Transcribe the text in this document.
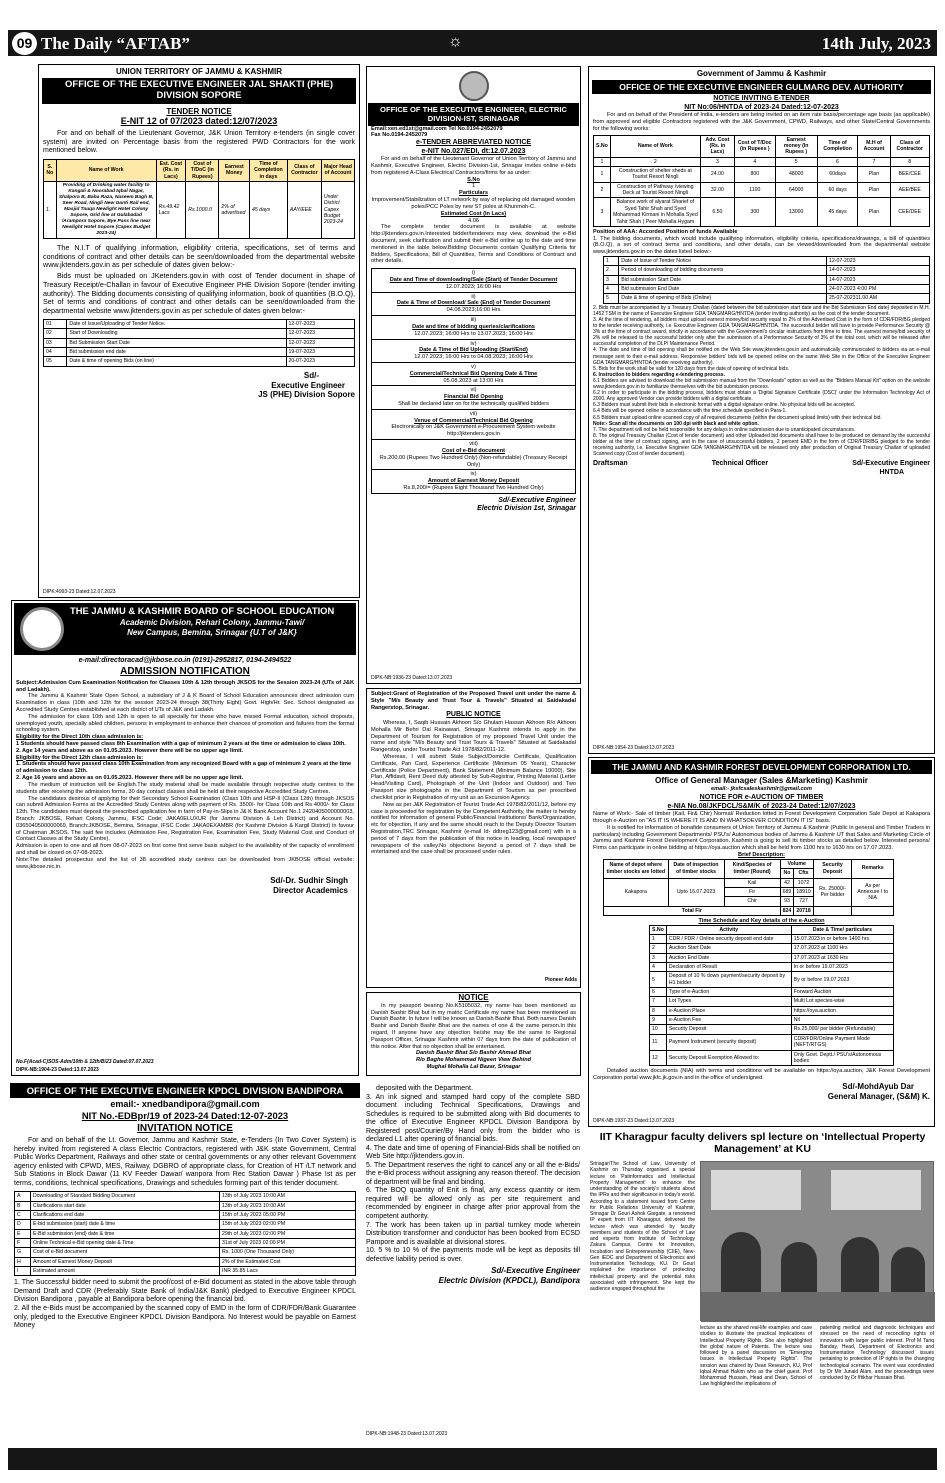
09 The Daily “AFTAB”	☼	14th July, 2023
UNION TERRITORY OF JAMMU & KASHMIR
OFFICE OF THE EXECUTIVE ENGINEER JAL SHAKTI (PHE) DIVISION SOPORE
TENDER NOTICE
E-NIT 12 of 07/2023 dated:12/07/2023
For and on behalf of the Lieutenant Governor, J&K Union Territory e-tenders (in single cover system) are invited on Percentage basis from the registered PWD Contractors for the work mentioned below.
S. No	Name of Work	Est. Cost (Rs. in Lacs)	Cost of T/DoC (in Rupees)	Earnest Money	Time of Completion in days	Class of Contractor	Major Head of Account
1.	Providing of Drinking water facility to Kangali & Noorabad Iqbal Nagar, Shalpora B, Baba Raza, Naseem Bagh B, Seer Road, Ningli New Ganti Rail end, Masjid Tauqa Newlight Hotel Colony Sopore, Grid line at Gulabadad /Arampora Sopore, Bye Pass line near Newlight Hotel Sopore (Capex Budget 2023-24)	Rs.49.42 Lacs	Rs.1000.0	2% of advertised	45 days	AAY/EEE	Under District Capex Budget 2023-24
The N.I.T of qualifying information, eligibility criteria, specifications, set of terms and conditions of contract and other details can be seen/downloaded from the departmental website www.jktenders.gov.in as per schedule of dates given below:-
Bids must be uploaded on JKetenders.gov.in with cost of Tender document in shape of Treasury Receipt/e-Challan in favour of Executive Engineer PHE Division Sopore (tender inviting authority). The Bidding documents consisting of qualifying information, book of quantities (B.O.Q), Set of terms and conditions of contract and other details can be seen/downloaded from the departmental website www.jktenders.gov.in as per schedule of dates given below:-
01	Date of Issue/Uploading of Tender Notice.	12-07-2023
02	Start of Downloading	12-07-2023
03	Bid Submission Start Date	12-07-2023
04	Bid submission end date	19-07-2023
05	Date & time of opening Bids (on line)	20-07-2023
Sd/-
Executive Engineer
JS (PHE) Division Sopore
DIPK:4993-23 Dated:12.07.2023
THE JAMMU & KASHMIR BOARD OF SCHOOL EDUCATION
Academic Division, Rehari Colony, Jammu-Tawi/
New Campus, Bemina, Srinagar {U.T of J&K}
e-mail:directoracad@jkbose.co.in (0191)-2952817, 0194-2494522
ADMISSION NOTIFICATION
Subject:Admission Cum Examination Notification for Classes 10th & 12th through JKSOS for the Session 2023-24 (UTs of J&K and Ladakh).
The Jammu & Kashmir State Open School, a subsidiary of J & K Board of School Education announces direct admission cum Examination in class (10th and 12th for the session 2023-24 through 38(Thirty Eight) Govt. High/Hr. Sec. School designated as Accredited Study Centres established at each district of UTs of J&K and Ladakh.
The admission for class 10th and 12th is open to all specially for those who have missed Formal education, school dropouts, unemployed youth, specially abled children, persons in employment to enhance their chances of promotion and failures from the formal schooling system.
Eligibility for the Direct 10th class admission is:
1 Students should have passed class 8th Examination with a gap of minimum 2 years at the time or admission to class 10th.
2. Age 14 years and above as on 01.05.2023. However there will be no upper age limit.
Eligibility for the Direct 12th class admission is:
1. Students should have passed class 10th Examination from any recognized Board with a gap of minimum 2 years at the time of admission to class 12th.
2. Age 16 years and above as on 01.05.2023. However there will be no upper age limit.
The medium of instruction will be English.The study material shall be made available through respective study centres to the students after receiving the admission forms, 30 day contact classes shall be held at their respective Accredited Study Centres.
The candidates desirous of applying for their Secondary School Examination (Class 10th and HSP-II (Class 12th) through JKSOS can submit Admission Forms at the Accredited Study Centres along with payment of Rs. 3500/- for Class 10th and Rs 4000/- for Class 12th. The candidates must deposit the prescribed application fee in farm of Pay-in-Slips in J& K Bank Account No.1 2420405000000003, Branch: JKBOSE, Rehari Colony, Jammu, IFSC Code; JAKA0ELUXUR (for Jammu Division & Leh District) and Account No. 0365040500000069, Branch:JKBOSE, Bemina, Srinagar, IFSC Code: JAKA0EXAMBR (for Kashmir Division & Kargil District) in favour of Chairman JKSOS. The said fee includes (Admission Fee, Registration Fee, Examination Fee, Study Material Cost and Conduct of Contact Classes at the Study Centre).
Admission is open to one and all from 08-07-2023 on first come first serve basis subject to the availability of the capacity of enrollment and shall be closed on 07-08-2023.
Note:The detailed prospectus and the list of 38 accredited study centres can be downloaded from JKBOSE official website: www.jkbose.nic.in.
Sd/-Dr. Sudhir Singh
Director Academics
No.F(Acad-C)SOS-Adm/10th & 12th/B/23 Dated:07.07.2023
DIPK-NB:1904-23 Dated:13.07.2023
OFFICE OF THE EXECUTIVE ENGINEER KPDCL DIVISION BANDIPORA
email:- xnedbandipora@gmail.com
NIT No.-EDBpr/19 of 2023-24 Dated:12-07-2023
INVITATION NOTICE
For and on behalf of the Lt. Governor, Jammu and Kashmir State, e-Tenders (In Two Cover System) is hereby invited from registered A class Electric Contractors, registered with J&K state Government, Central Public Works Department, Railways and other state or central governments or any other relevant Government agency enlisted with CPWD, MES, Railway, DGBRO of appropriate class, for Creation of HT /LT network and Sub Stations in Block Dawar (11 KV Feeder Dawar/ wanpora from Rec Station Dawar ) Phase Ist as per terms, conditions, technical specifications, Drawings and schedules forming part of this tender document.
A	Downloading of Standard Bidding Document	13th of July 2023 10:00 AM
B	Clarifications start date	13th of July 2023 10:00 AM
C	Clarifications end date	15th of July 2023 05:00 PM
D	E-bid submission (start) date & time	15th of July 2023 02:00 PM
E	E-Bid submission (end) date & time	29th of July 2023 02:00 PM
F	Online Technical e-Bid opening date & Time	31st of July 2023 02:00 PM
G	Cost of e-Bid document	Rs. 1000 (One Thousand Only)
H	Amount of Earnest Money Deposit	2% of the Estimated Cost
I	Estimated amount	INR 35.85 Lacs
1. The Successful bidder need to submit the proof/cost of e-Bid document as stated in the above table through Demand Draft and CDR (Preferably State Bank of India/J&K Bank) pledged to Executive Engineer KPDCL Division Bandipora , payable at Bandipora before opening the financial bid.
2. All the e-Bids must be accompanied by the scanned copy of EMD in the form of CDR/FDR/Bank Guarantee only, pledged to the Executive Engineer KPDCL Division Bandipora. No Interest would be payable on Earnest Money
deposited with the Department.
3. An ink signed and stamped hard copy of the complete SBD document including Technical Specifications, Drawings and Schedules is required to be submitted along with Bid documents to the office of Executive Engineer KPDCL Division Bandipora by Registered post/Courier/By Hand only from the bidder who is declared L1 after opening of financial bids.
4. The date and time of opening of Financial-Bids shall be notified on Web Site http://jktenders.gov.in.
5. The Department reserves the right to cancel any or all the e-Bids/ the e-Bid process without assigning any reason thereof. The decision of department will be final and binding.
6. The BOQ quantity of Enit is final, any excess quantity or item required will be allowed only as per site requirement and recommended by engineer in charge after prior approval from the competent authority.
7. The work has been taken up in partial turnkey mode wherein Distribution transformer and conductor has been booked from ECSD Pampore and is available at divisional stores.
10. 5 % to 10 % of the payments mode will be kept as deposits till defective liability period is over.
Sd/-Executive Engineer
Electric Division (KPDCL), Bandipora
DIPK-NB:1948-23 Dated:13.07.2023
OFFICE OF THE EXECUTIVE ENGINEER, ELECTRIC DIVISION-IST, SRINAGAR
Email:xen.ed1st@gmail.com Tel No.0194-2452079
Fax No.0194-2452079
e-TENDER ABBREVIATED NOTICE
e-NIT No.027/EDI, dt:12.07.2023
For and on behalf of the Lieutenant Governor of Union Territory of Jammu and Kashmir, Executive Engineer, Electric Division-1st, Srinagar invites online e-bids from registered A-Class Electrical Contractors/firms for as under:
S.No
1
Particulars
Improvement/Stabilization of LT network by way of replacing old damaged wooden poles/PCC Poles by new ST poles at Khunmoh-C.
Estimated Cost (In Lacs)
4.06
The complete tender document is available at website http://jktenders.gov.in.Interested bidder/tenderers may view, download the e-Bid document, seek clarification and submit their e-Bid online up to the date and time mentioned in the table below.Bidding Documents contain Qualifying Criteria for Bidders, Specifications, Bill of Quantities, Terms and Conditions of Contract and other details.
i)
Date and Time of downloading/Sale (Start) of Tender Document
12.07.2023; 16:00 Hrs

ii)
Date & Time of Download/ Sale (End) of Tender Document
04.08.2023;16:00 Hrs

iii)
Date and time of bidding queries/clarifications
12.07.2023; 16:00 Hrs to 13.07.2023; 16:00 Hrs

iv)
Date & Time of Bid Uploading (Start/End)
12.07.2023; 16:00 Hrs to 04.08.2023; 16:00 Hrs

v)
Commercial/Technical Bid Opening Date & Time
05.08.2023 at 13:00 Hrs

vi)
Financial Bid Opening
Shall be declared later on for the technically qualified bidders

vii)
Venue of Commercial/Technical Bid Opening
Electronically on J&K Government e-Procurement System website http://jktenders.gov.in

viii)
Cost of e-Bid document
Rs.200.00 (Rupees Two Hundred Only) (Non-refundable) (Treasury Receipt Only)

ix)
Amount of Earnest Money Deposit
Rs.8,200/= (Rupees Eight Thousand Two Hundred Only)
Sd/-Executive Engineer
Electric Division 1st, Srinagar
DIPK-NB:1936-23 Dated:13.07.2023
Subject:Grant of Registration of the Proposed Travel unit under the name & Style "M/s Beauty and Trust Tour & Travels" Situated at Saidakadal Rangerstop, Srinagar.
PUBLIC NOTICE
Whereas, I, Saqib Hussain Akhoon S/o Ghulam Hassan Akhoon R/o Akhoon Mohalla Mir Behri Dal Rainawari, Srinagar Kashmir intends to apply in the Department of Tourism for Registration of my proposed Travel Unit under the name and style "M/s Beauty and Trust Tours & Travels" Situated at Saidakadal Rangerstop, under Tourist Trade Act 1978/82/2011-12.
Whereas, I will submit State Subject/Domicile Certificate, Qualification Certificate, Pan Card, Experience Certificate (Minimum 05 Years), Character Certificate (Police Department), Bank Statement (Minimum Balance 10000), Site Plan, Affidavit, Rent Deed duly attested by Sub-Registrar, Printing Material (Letter Head/Visiting Card), Photograph of the Unit (Indoor and Outdoor) and Two Passport size photographs in the Department of Tourism as per prescribed checklist prior in Registration of my unit as an Excursion Agency.
Now as per J&K Registration of Tourist Trade Act 1978/82/2011/12, before my case is proceeded for registration by the Competent Authority, the matter is hereby notified for information of general Public/Financial Institutions/ Bank/Organization, etc for objection, if any and the same should reach to the Deputy Director Tourism Registration,TRC Srinagar, Kashmir (e-mail Id- ddtreg123@gmail.com) with in a period of 7 days from the publication of this notice in leading, local newspaper/ newspapers of the valley.No objections beyond a period of 7 days shall be entertained and the case shall be processed under rules.
Pioneer Adds
NOTICE
In my passport bearing No.K5105032, my name has been mentioned as Danish Bashir Bhat but in my matric Certificate my name has been mentioned as Danish Bashir. In future I will be known as Danish Bashir Bhat. Both names Danish Bashir and Danish Bashir Bhat are the names of one & the same person.In this regard, If anyone have any objection he/she may file the same to Regional Passport Officer, Srinagar Kashmir within 07 days from the date of publication of this notice. After that no objection shall be entertained.
Danish Bashir Bhat S/o Bashir Ahmad Bhat
R/o Baghe Mohammad Nigeen View Behind
Mughal Mohalla Lal Bazar, Srinagar
Government of Jammu & Kashmir
OFFICE OF THE EXECUTIVE ENGINEER GULMARG DEV. AUTHORITY
NOTICE INVITING E-TENDER
NIT No:06/HNTDA of 2023-24 Dated:12-07-2023
For and on behalf of the President of India, e-tenders are being invited on an item rate basis/percentage age basis (as applicable) from approved and eligible Contractors registered with the J&K Government, CPWD, Railways, and other State/Central Governments for the following works:
S.No	Name of Work	Adv. Cost (Rs. in Lacs)	Cost of T/Doc (in Rupees )	Earnest money (In Rupees )	Time of Completion	M.H of Account	Class of Contractor
1	2	3	4	5	6	7	8
1	Construction of shelter sheds at Tourist Resort Ningli	24.00	800	48000	60days	Plan	BEE/CEE
2	Construction of Pathway /viewing Deck at Tourist Resort Ningli	32.00	1100	64000	60 days	Plan	AEE/BEE
3	Balance work of alyarat Sharief of Syed Tahir Shah and Syed Mohammad Kirmani in Mohalla Syed Tahir Shah ( Peer Mohalla Hygam	6.50	300	13000	45 days	Plan	CEE/DEE
Position of AAA: Accorded Position of funds Available
1. The bidding documents, which would include qualifying information, eligibility criteria, specifications/drawings, a bill of quantities (B.O.Q), a set of contract terms and conditions, and other details, can be viewed/downloaded from the departmental website www.jktenders.gov.in on the dates listed below:-
1	Date of Issue of Tender Notice	12-07-2023
2	Period of downloading of bidding documents	14-07-2023
3	Bid submission Start Date	14-07-2023
4	Bid submission End Date	24-07-2023 4:00 PM
5	Date & time of opening of Bids (Online)	25-07-202311.00 AM
2. Bids must be accompanied by a Treasury Challan (dated between the bid submission start date and the Bid Submission End date) deposited in M.H. 1452 TSM in the name of Executive Engineer GDA TANGMARG/HNTDA (tender inviting authority) as the cost of the tender document.
3. At the time of tendering, all bidders must upload earnest money/bid security equal to 2% of the Advertised Cost in the form of CDR/FDR/BG pledged to the tender receiving authority, i.e. Executive Engineer GDA TANGMARG/HNTDA. The successful bidder will have to provide Performance Security @ 3% at the time of contract award, strictly in accordance with the Government's circular instructions from time to time. The earnest money/bid security of 2% will be released to the successful bidder only after the submission of a Performance Security of 3% of the total cost, which will be released after successful completion of the DLP/ Maintenance Period.
4. The date and time of bid opening shall be notified on the Web Site www.jktenders.gov.in and automatically communicated to bidders via an e-mail message sent to their e-mail address. Responsive bidders' bids will be opened online on the same Web Site in the Office of the Executive Engineer GDA TANGMARG/HNTDA (tender receiving authority).
5. Bids for the work shall be valid for 120 days from the date of opening of technical bids.
6. Instruction to bidders regarding e-tendering process.
6.1 Bidders are advised to download the bid submission manual from the "Downloads" option as well as the "Bidders Manual Kit" option on the website www.jktenders.gov.in to familiarize themselves with the bid submission process.
6.2 In order to participate in the bidding process, bidders must obtain a 'Digital Signature Certificate (DSC)' under the Information Technology Act of 2000. Any approved Vendor can provide bidders with a digital certificate.
6.3 Bidders must submit their bids in electronic format with a digital signature online. No physical bids will be accepted.
6.4 Bids will be opened online in accordance with the time schedule specified in Para-1.
6.5 Bidders must upload online scanned copy of all required documents (within the document upload limits) with their technical bid.
Note:- Scan all the documents on 100 dpi with black and white option.
7. The department will not be held responsible for any delays in online submission due to unanticipated circumstances.
8. The original Treasury Challan (Cost of tender document) and other Uploaded bid documents shall have to be produced on demand by the successful bidder at the time of contract signing, and in the case of unsuccessful bidders, 2 percent EMD in the form of CDR/FDR/BG pledged to the tender receiving authority, i.e. Executive Engineer GDA TANGMARG/HNTDA will be released only after production of Original Treasury Challan of uploaded Scanned copy (Cost of tender document).
Draftsman	Technical Officer	Sd/-Executive Engineer
HNTDA
DIPK-NB:1954-23 Dated:13.07.2023
THE JAMMU AND KASHMIR FOREST DEVELOPMENT CORPORATION LTD.
Office of General Manager (Sales &Marketing) Kashmir
email:- jksfcsaleskashmir@gmail.com
NOTICE FOR e-AUCTION OF TIMBER
e-NIA No.08/JKFDCL/S&M/K of 2023-24 Dated:12/07/2023
Name of Work:- Sale of timber (Kail, Fir& Chir) Normal/ Reduction lotted in Forest Development Corporation Sale Depot at Kakapora through e-Auction on "AS IT IS WHERE IT IS AND IN WHATSOEVER CONDITION IT IS" basis.
It is notified for information of bonafide consumers of Union Territory of Jammu & Kashmir (Public in general and Timber Traders in particulars) including Government Departments/ PSU's/ Autonomous bodies of Jammu & Kashmir UT that Sales and Marketing Circle of Jammu and Kashmir Forest Development Corporation, Kashmir is going to sell its timber stocks as detailed below. Interested persons/ Firms can participate in online bidding at https://oya.auction which shall be held from 1100 hrs to 1630 hrs on 17.07.2023.
Brief Description:
Name of depot where timber stocks are lotted	Date of inspection of timber stocks	Kind/Species of timber (Round)	Volume		Security Deposit	Remarks
			No	Cfts		
Kakapora	Upto 16.07.2023	Kail	42	1072	Rs. 25000/- Per bidder	As per Annexure I to NIA
		Fir	689	18919		
		Chir	93	727		
Total Fir			824	20718		
Time Schedule and Key details of the e-Auction
S.No	Activity	Date & Time/ particulars
1	CDR / FDR / Online security deposit end date	15.07.2023 in or before 1400 hrs
2	Auction Start Date	17.07.2023 at 1100 Hrs
3	Auction End Date	17.07.2023 at 1630 Hrs
4	Declaration of Result	In or before 19.07.2023
5	Deposit of 10 % down payment/security deposit by H1 bidder	By or before 19.07.2023
6	Type of e-Auction	Forward Auction
7	Lot Types	Multi Lot species-wise
8	e-Auction Place	https://oya.auction
9	e-Auction Fee	Nil
10	Security Deposit	Rs.25,000/ per bidder (Refundable)
11	Payment Instrument (security deposit)	CDR/FDR/Online Payment Mode (NEFT/RTGS)
12	Security Deposit Exemption Allowed to:	Only Govt. Deptt./ PSU's/Autonomous bodies
Detailed auction documents (NIA) with terms and conditions will be available on https://oya.auction, J&K Forest Development Corporation portal www.jkfc.jk.gov.in and in the office of undersigned.
Sd/-MohdAyub Dar
General Manager, (S&M) K.
DIPK-NB:1937-23 Dated:13.07.2023
IIT Kharagpur faculty delivers spl lecture on ‘Intellectual Property Management’ at KU
Srinagar/The School of Law, University of Kashmir on Thursday organised a special lecture on 'Patinformatics and Intellectual Property Management' to enhance the understanding of the society's students about the IPRs and their significance in today's world. According to a statement issued from Centre for Public Relations University of Kashmir, Srinagar Dr Gouri Ashok Gargate, a renowned IP expert from IIT Kharagpur, delivered the lecture which was attended by faculty members and students of the School of Law and experts from Institute of Technology Zakura Campus, Centre for Innovation, Incubation and Entrepreneurship (CIIE), New-Gen IEDC and Department of Electronics and Instrumentation Technology, KU. Dr Gouri explained the importance of protecting intellectual property and the potential risks associated with infringement. She kept the audience engaged throughout the
lecture as she shared real-life examples and case studies to illustrate the practical implications of Intellectual Property Rights. She also highlighted the global nature of Patents. The lecture was followed by a panel discussion on "Emerging Issues in Intellectual Property Rights". The session was chaired by Dean Research, KU, Prof Iqbal Ahmad Hakim who as the chief guest. Prof Mohammad Hussain, Head and Dean, School of Law highlighted the implications of
patenting medical and diagnostic techniques and stressed on the need of reconciling rights of innovators with larger public interest. Prof M Tariq Banday, Head, Department of Electronics and Instrumentation Technology discussed issues pertaining to protection of IP rights in the changing technological scenario. The event was coordinated by Dr Mir Junaid Alam, and the proceedings were conducted by Dr Iftikhar Hussain Bhat.
